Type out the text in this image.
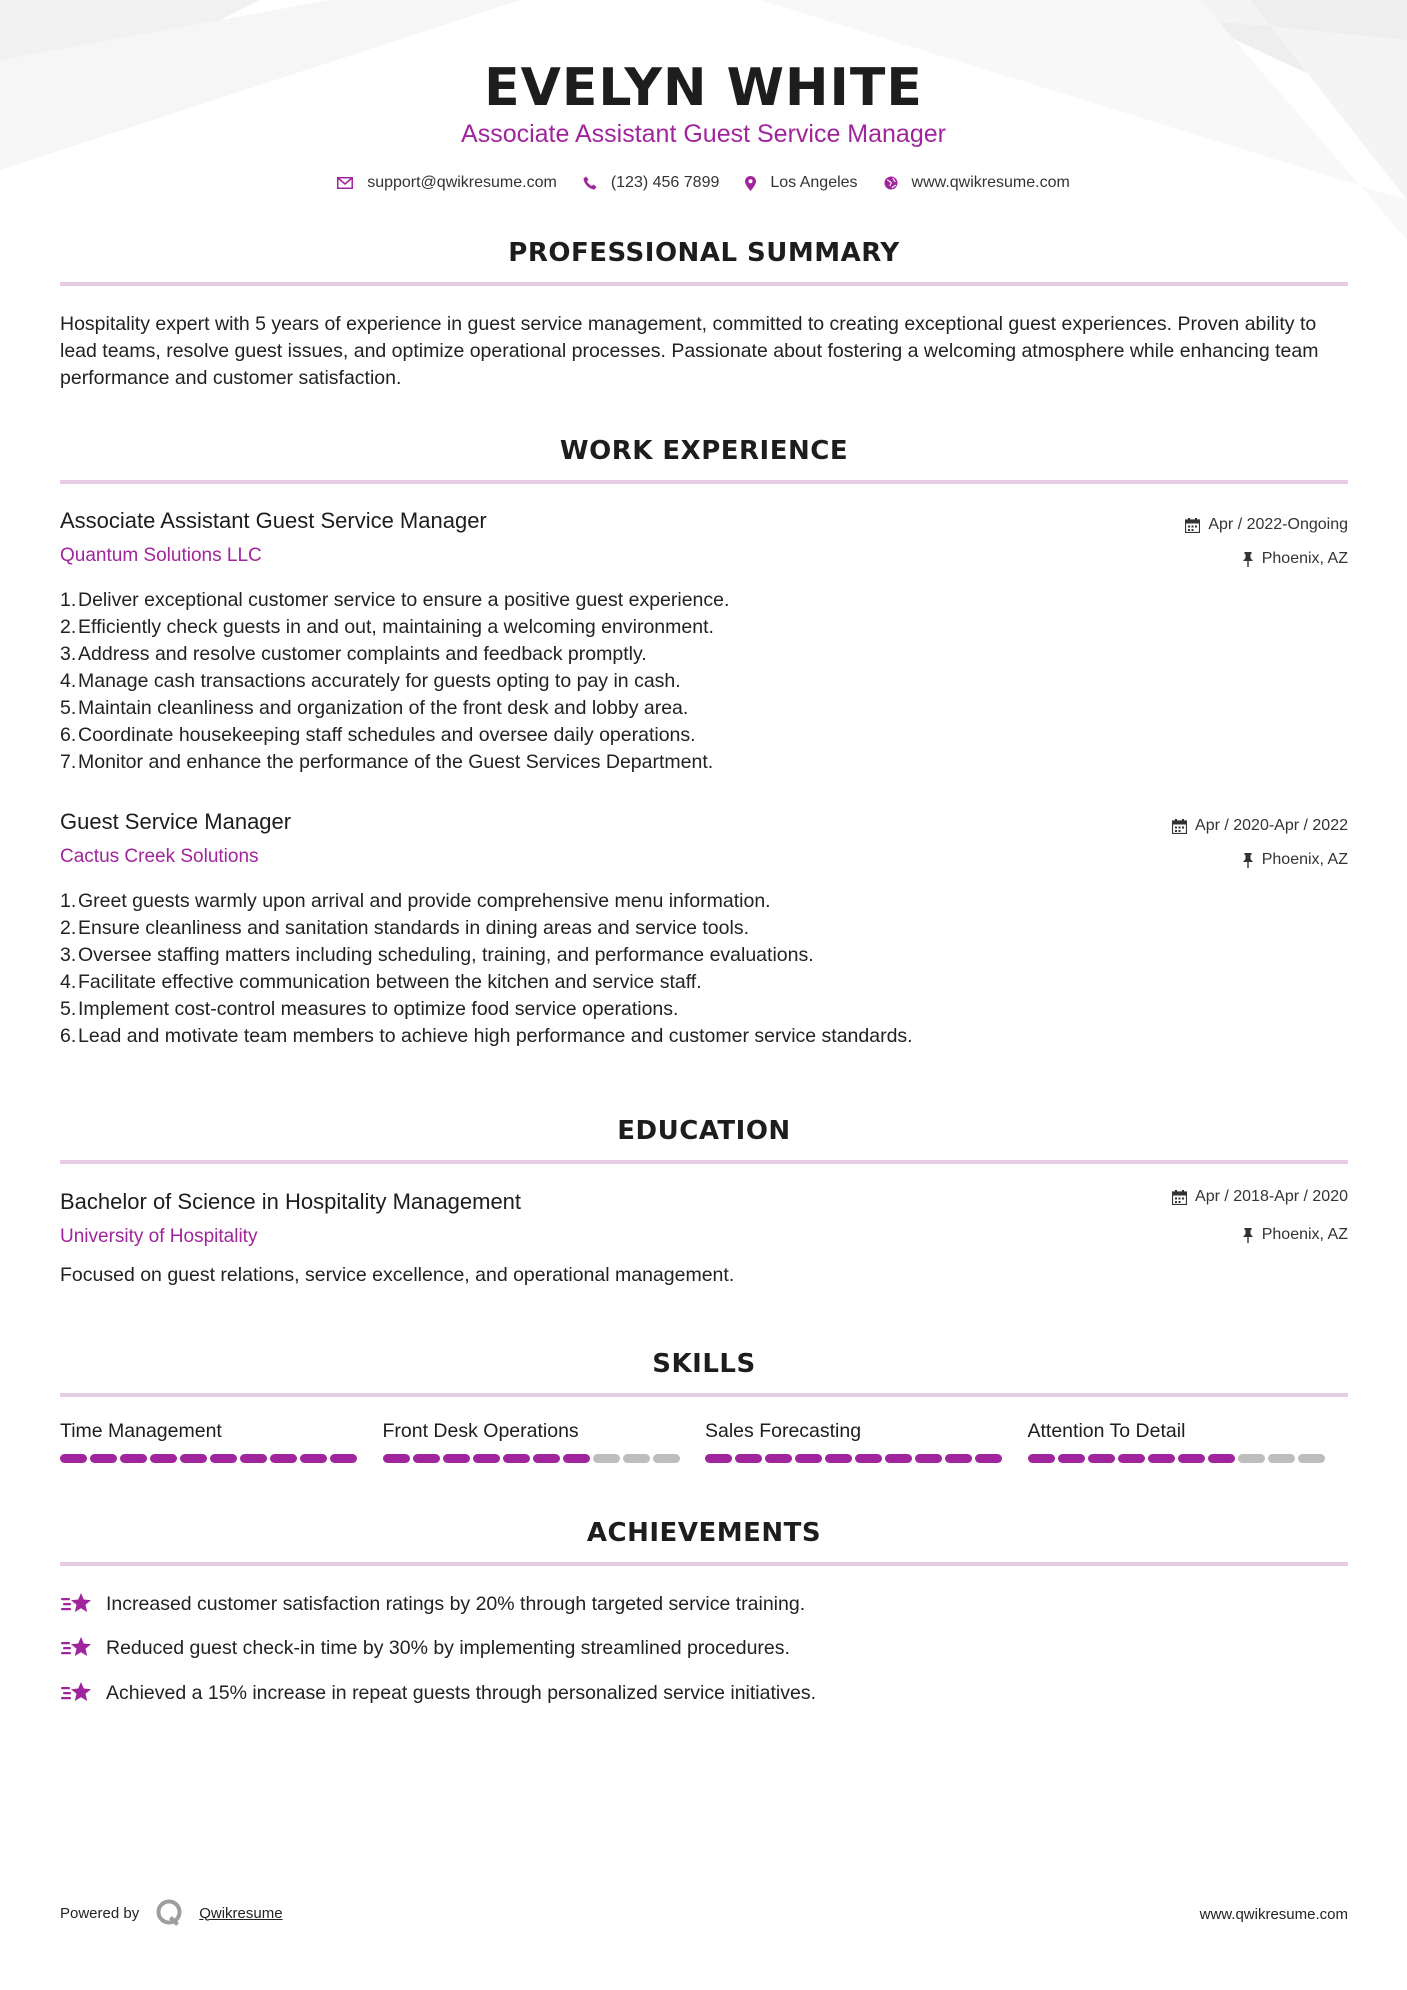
EVELYN WHITE
Associate Assistant Guest Service Manager
support@qwikresume.com	(123) 456 7899	Los Angeles	www.qwikresume.com
PROFESSIONAL SUMMARY
Hospitality expert with 5 years of experience in guest service management, committed to creating exceptional guest experiences. Proven ability to lead teams, resolve guest issues, and optimize operational processes. Passionate about fostering a welcoming atmosphere while enhancing team performance and customer satisfaction.
WORK EXPERIENCE
Associate Assistant Guest Service Manager
Quantum Solutions LLC
Apr / 2022-Ongoing
Phoenix, AZ
1. Deliver exceptional customer service to ensure a positive guest experience.
2. Efficiently check guests in and out, maintaining a welcoming environment.
3. Address and resolve customer complaints and feedback promptly.
4. Manage cash transactions accurately for guests opting to pay in cash.
5. Maintain cleanliness and organization of the front desk and lobby area.
6. Coordinate housekeeping staff schedules and oversee daily operations.
7. Monitor and enhance the performance of the Guest Services Department.
Guest Service Manager
Cactus Creek Solutions
Apr / 2020-Apr / 2022
Phoenix, AZ
1. Greet guests warmly upon arrival and provide comprehensive menu information.
2. Ensure cleanliness and sanitation standards in dining areas and service tools.
3. Oversee staffing matters including scheduling, training, and performance evaluations.
4. Facilitate effective communication between the kitchen and service staff.
5. Implement cost-control measures to optimize food service operations.
6. Lead and motivate team members to achieve high performance and customer service standards.
EDUCATION
Bachelor of Science in Hospitality Management
University of Hospitality
Apr / 2018-Apr / 2020
Phoenix, AZ
Focused on guest relations, service excellence, and operational management.
SKILLS
Time Management	Front Desk Operations	Sales Forecasting	Attention To Detail
ACHIEVEMENTS
Increased customer satisfaction ratings by 20% through targeted service training.
Reduced guest check-in time by 30% by implementing streamlined procedures.
Achieved a 15% increase in repeat guests through personalized service initiatives.
Powered by	Qwikresume	www.qwikresume.com
